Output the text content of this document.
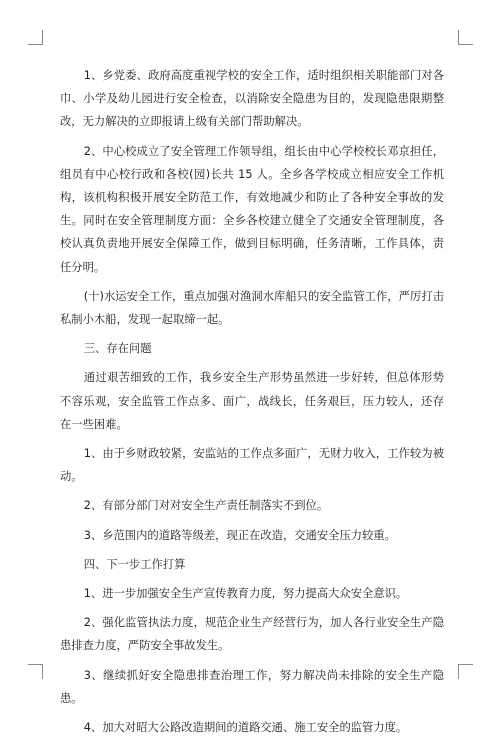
1、乡党委、政府高度重视学校的安全工作，适时组织相关职能部门对各巾、小学及幼儿园进行安全检查，以消除安全隐患为目的，发现隐患限期整改，无力解决的立即报请上级有关部门帮助解决。

2、中心校成立了安全管理工作领导组，组长由中心学校校长邓京担任，组员有中心校行政和各校(园)长共 15 人。全乡各学校成立相应安全工作机构，该机构积极开展安全防范工作，有效地减少和防止了各种安全事故的发生。同时在安全管理制度方面：全乡各校建立健全了交通安全管理制度，各校认真负责地开展安全保障工作，做到目标明确，任务清晰，工作具体，责任分明。

(十)水运安全工作，重点加强对渔洞水库船只的安全监管工作，严厉打击私制小木船，发现一起取缔一起。

三、存在问题

通过艰苦细致的工作，我乡安全生产形势虽然进一步好转，但总体形势不容乐观，安全监管工作点多、面广，战线长，任务艰巨，压力较人，还存在一些困难。

1、由于乡财政较紧，安监站的工作点多面广，无财力收入，工作较为被动。

2、有部分部门对对安全生产责任制落实不到位。

3、乡范围内的道路等级差，现正在改造，交通安全压力较重。

四、下一步工作打算

1、进一步加强安全生产宣传教育力度，努力提高大众安全意识。

2、强化监管执法力度，规范企业生产经营行为，加人各行业安全生产隐患排查力度，严防安全事故发生。

3、继续抓好安全隐患排查治理工作，努力解决尚未排除的安全生产隐患。

4、加大对昭大公路改造期间的道路交通、施工安全的监管力度。
